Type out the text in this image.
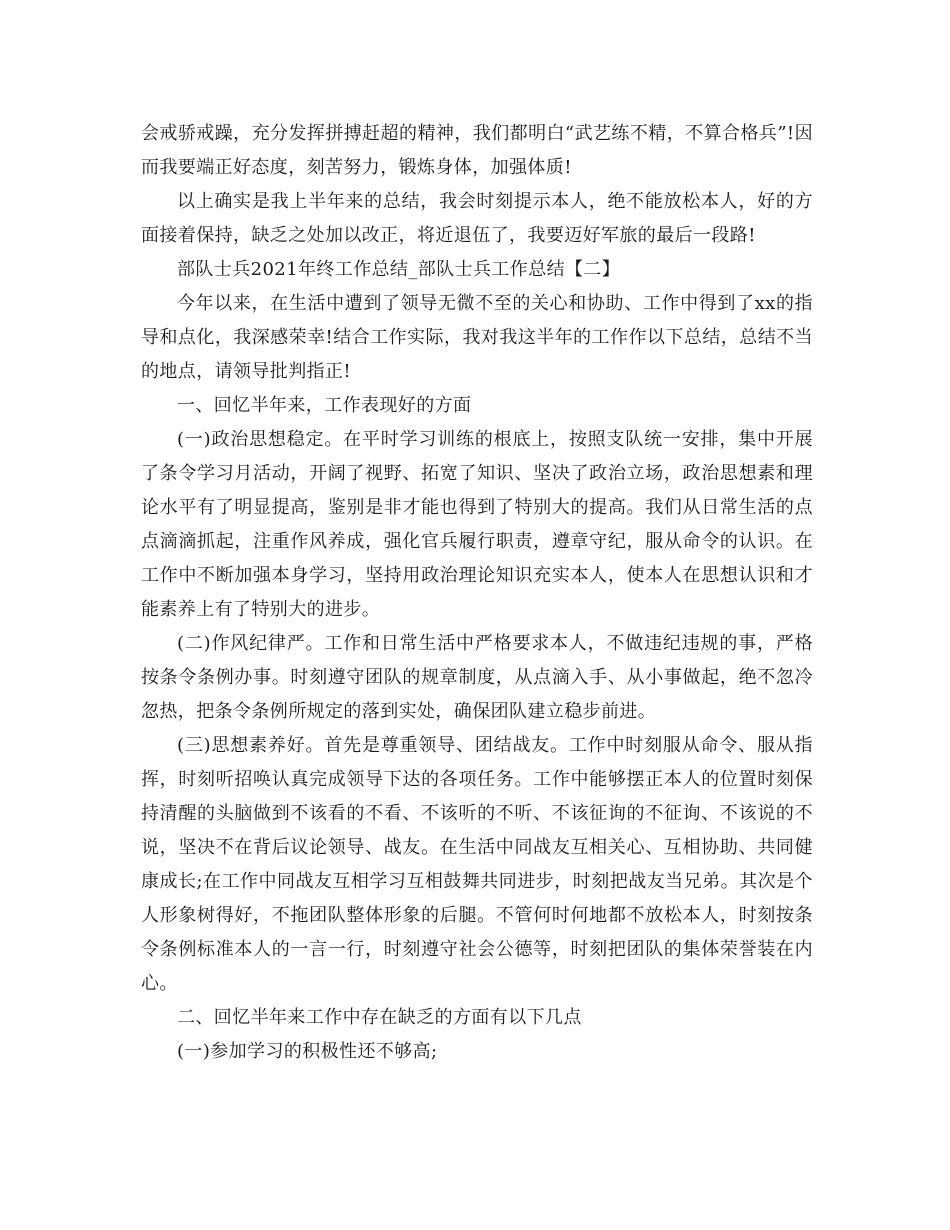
会戒骄戒躁，充分发挥拼搏赶超的精神，我们都明白“武艺练不精，不算合格兵”!因而我要端正好态度，刻苦努力，锻炼身体，加强体质!

以上确实是我上半年来的总结，我会时刻提示本人，绝不能放松本人，好的方面接着保持，缺乏之处加以改正，将近退伍了，我要迈好军旅的最后一段路!

部队士兵2021年终工作总结_部队士兵工作总结【二】

今年以来，在生活中遭到了领导无微不至的关心和协助、工作中得到了xx的指导和点化，我深感荣幸!结合工作实际，我对我这半年的工作作以下总结，总结不当的地点，请领导批判指正!

一、回忆半年来，工作表现好的方面

(一)政治思想稳定。在平时学习训练的根底上，按照支队统一安排，集中开展了条令学习月活动，开阔了视野、拓宽了知识、坚决了政治立场，政治思想素和理论水平有了明显提高，鉴别是非才能也得到了特别大的提高。我们从日常生活的点点滴滴抓起，注重作风养成，强化官兵履行职责，遵章守纪，服从命令的认识。在工作中不断加强本身学习，坚持用政治理论知识充实本人，使本人在思想认识和才能素养上有了特别大的进步。

(二)作风纪律严。工作和日常生活中严格要求本人，不做违纪违规的事，严格按条令条例办事。时刻遵守团队的规章制度，从点滴入手、从小事做起，绝不忽冷忽热，把条令条例所规定的落到实处，确保团队建立稳步前进。

(三)思想素养好。首先是尊重领导、团结战友。工作中时刻服从命令、服从指挥，时刻听招唤认真完成领导下达的各项任务。工作中能够摆正本人的位置时刻保持清醒的头脑做到不该看的不看、不该听的不听、不该征询的不征询、不该说的不说，坚决不在背后议论领导、战友。在生活中同战友互相关心、互相协助、共同健康成长;在工作中同战友互相学习互相鼓舞共同进步，时刻把战友当兄弟。其次是个人形象树得好，不拖团队整体形象的后腿。不管何时何地都不放松本人，时刻按条令条例标准本人的一言一行，时刻遵守社会公德等，时刻把团队的集体荣誉装在内心。

二、回忆半年来工作中存在缺乏的方面有以下几点

(一)参加学习的积极性还不够高;
